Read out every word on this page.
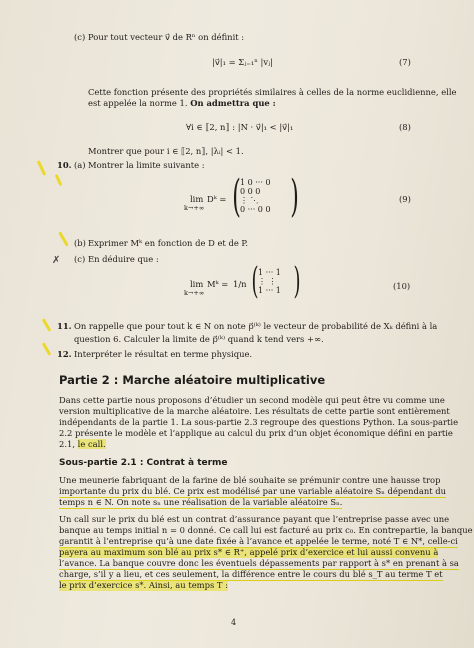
✗
(c) Pour tout vecteur v⃗ de Rⁿ on définit :
|v⃗|₁ = Σⱼ₌₁ⁿ |vⱼ|	(7)
Cette fonction présente des propriétés similaires à celles de la norme euclidienne, elle
est appelée la norme 1. On admettra que :
∀i ∈ ⟦2, n⟧ : |N · v⃗|₁ < |v⃗|₁	(8)
Montrer que pour i ∈ ⟦2, n⟧, |λᵢ| < 1.
10. (a) Montrer la limite suivante :
lim
k→+∞
Dᵏ = ( 1 0 ··· 0
0 0 0
⋮ ⋱
0 ··· 0 0 )	(9)
(b) Exprimer Mᵏ en fonction de D et de P.
(c) En déduire que :
lim
k→+∞
Mᵏ = 1/n ( 1 ··· 1
⋮ ⋮
1 ··· 1 )	(10)
11. On rappelle que pour tout k ∈ N on note p⃗⁽ᵏ⁾ le vecteur de probabilité de Xₖ défini à la
question 6. Calculer la limite de p⃗⁽ᵏ⁾ quand k tend vers +∞.
12. Interpréter le résultat en terme physique.
Partie 2 : Marche aléatoire multiplicative
Dans cette partie nous proposons d’étudier un second modèle qui peut être vu comme une
version multiplicative de la marche aléatoire. Les résultats de cette partie sont entièrement
indépendants de la partie 1. La sous-partie 2.3 regroupe des questions Python. La sous-partie
2.2 présente le modèle et l’applique au calcul du prix d’un objet économique défini en partie
2.1, le call.
Sous-partie 2.1 : Contrat à terme
Une meunerie fabriquant de la farine de blé souhaite se prémunir contre une hausse trop
importante du prix du blé. Ce prix est modélisé par une variable aléatoire Sₙ dépendant du
temps n ∈ N. On note sₙ une réalisation de la variable aléatoire Sₙ.
Un call sur le prix du blé est un contrat d’assurance payant que l’entreprise passe avec une
banque au temps initial n = 0 donné. Ce call lui est facturé au prix c₀. En contrepartie, la banque
garantit à l’entreprise qu’à une date fixée à l’avance et appelée le terme, noté T ∈ N*, celle-ci
payera au maximum son blé au prix s* ∈ R⁺, appelé prix d’exercice et lui aussi convenu à
l’avance. La banque couvre donc les éventuels dépassements par rapport à s* en prenant à sa
charge, s’il y a lieu, et ces seulement, la différence entre le cours du blé s_T au terme T et
le prix d’exercice s*. Ainsi, au temps T :
4
